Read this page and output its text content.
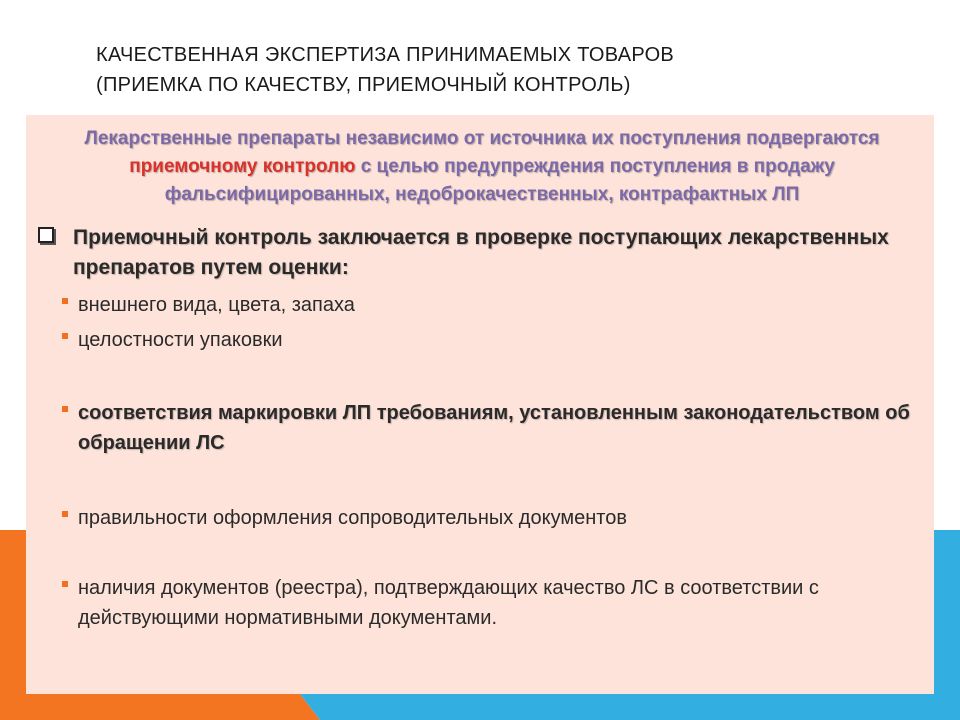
КАЧЕСТВЕННАЯ ЭКСПЕРТИЗА ПРИНИМАЕМЫХ ТОВАРОВ
(ПРИЕМКА ПО КАЧЕСТВУ, ПРИЕМОЧНЫЙ КОНТРОЛЬ)
Лекарственные препараты независимо от источника их поступления подвергаются приемочному контролю с целью предупреждения поступления в продажу фальсифицированных, недоброкачественных, контрафактных ЛП
Приемочный контроль заключается в проверке поступающих лекарственных препаратов путем оценки:
внешнего вида, цвета, запаха
целостности упаковки
соответствия маркировки ЛП требованиям, установленным законодательством об обращении ЛС
правильности оформления сопроводительных документов
наличия документов (реестра), подтверждающих качество ЛС в соответствии с действующими нормативными документами.
